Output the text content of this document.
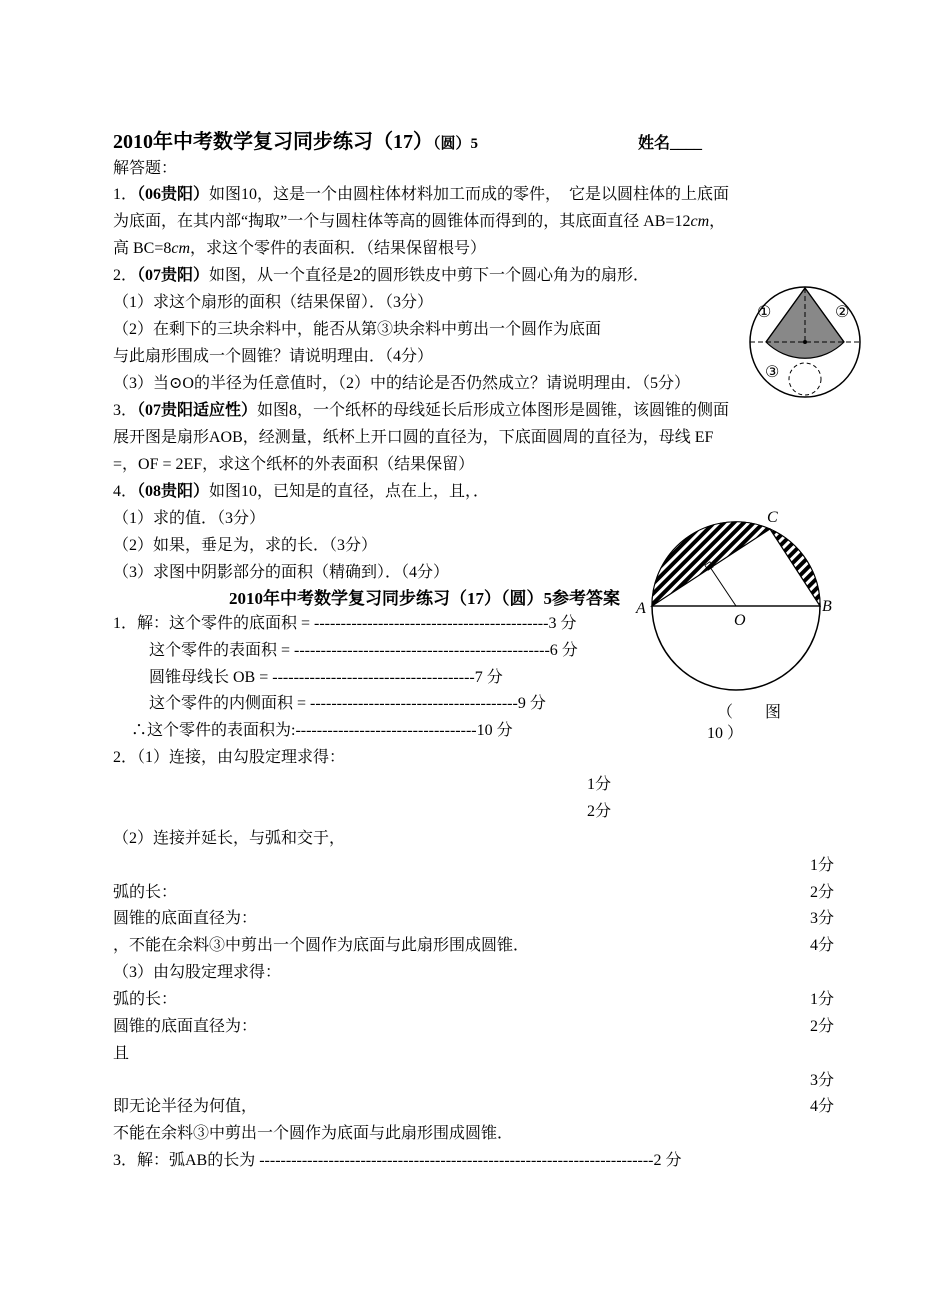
2010年中考数学复习同步练习（17）（圆）5	姓名____
解答题：
1．（06贵阳）如图10，这是一个由圆柱体材料加工而成的零件，　它是以圆柱体的上底面
为底面，在其内部“掏取”一个与圆柱体等高的圆锥体而得到的，其底面直径 AB=12cm，
高 BC=8cm，求这个零件的表面积．（结果保留根号）
2．（07贵阳）如图，从一个直径是2的圆形铁皮中剪下一个圆心角为的扇形．
（1）求这个扇形的面积（结果保留）．（3分）
（2）在剩下的三块余料中，能否从第③块余料中剪出一个圆作为底面
与此扇形围成一个圆锥？请说明理由．（4分）
（3）当⊙O的半径为任意值时，（2）中的结论是否仍然成立？请说明理由．（5分）
3．（07贵阳适应性）如图8，一个纸杯的母线延长后形成立体图形是圆锥，该圆锥的侧面
展开图是扇形AOB，经测量，纸杯上开口圆的直径为，下底面圆周的直径为，母线 EF
=，OF = 2EF，求这个纸杯的外表面积（结果保留）
4．（08贵阳）如图10，已知是的直径，点在上，且，．
（1）求的值．（3分）
（2）如果，垂足为，求的长．（3分）
（3）求图中阴影部分的面积（精确到）．（4分）
2010年中考数学复习同步练习（17）（圆）5参考答案
1．解：这个零件的底面积 = --------------------------------------------3 分
这个零件的表面积 = ------------------------------------------------6 分
圆锥母线长 OB = --------------------------------------7 分
这个零件的内侧面积 = ---------------------------------------9 分
∴这个零件的表面积为:----------------------------------10 分
2．（1）连接，由勾股定理求得：
1分
2分
（2）连接并延长，与弧和交于，
1分
弧的长：	2分
圆锥的底面直径为：	3分
，不能在余料③中剪出一个圆作为底面与此扇形围成圆锥．	4分
（3）由勾股定理求得：
弧的长：	1分
圆锥的底面直径为：	2分
且
3分
即无论半径为何值，	4分
不能在余料③中剪出一个圆作为底面与此扇形围成圆锥．
3．解：弧AB的长为 --------------------------------------------------------------------------2 分
①	②
③
A	B
C
O
（　　图
10 ）
